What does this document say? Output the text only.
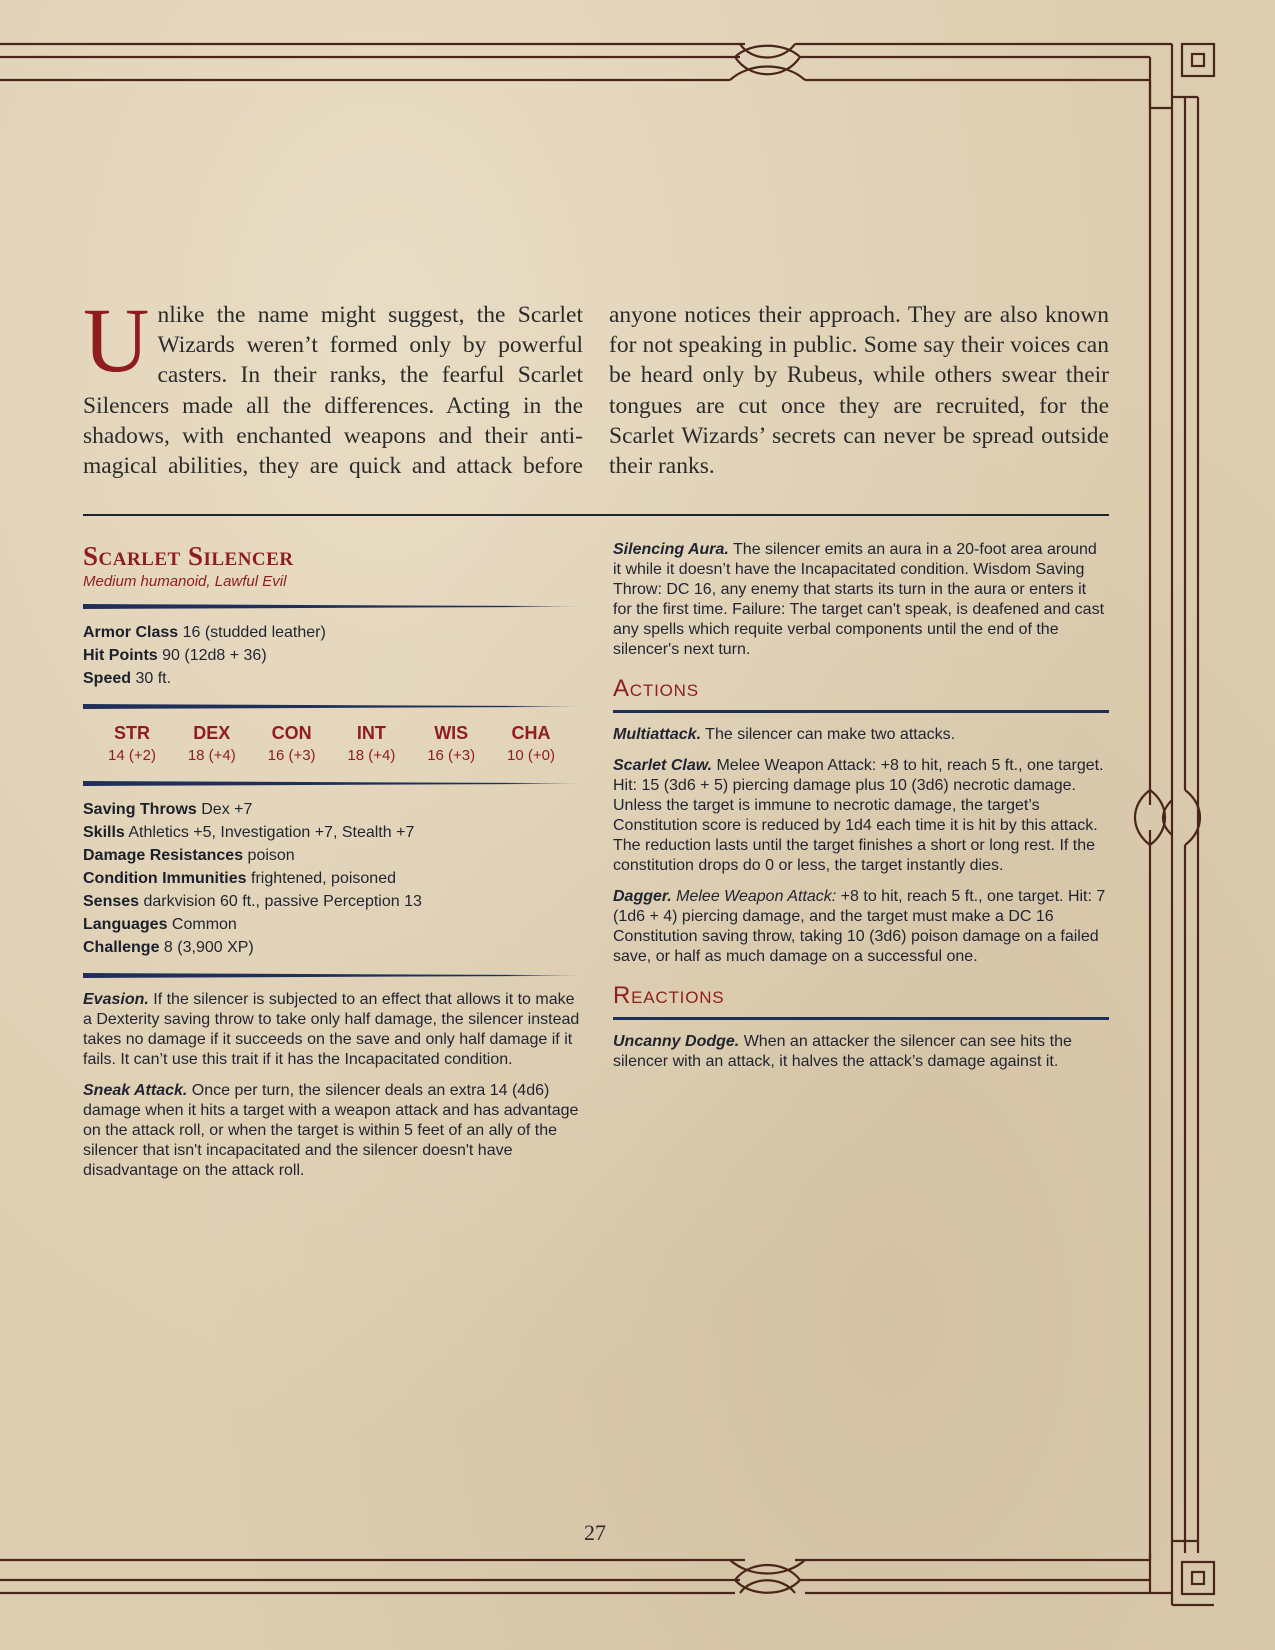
Unlike the name might suggest, the Scarlet Wizards weren’t formed only by powerful casters. In their ranks, the fearful Scarlet Silencers made all the differences. Acting in the shadows, with enchanted weapons and their anti-magical abilities, they are quick and attack before anyone notices their approach. They are also known for not speaking in public. Some say their voices can be heard only by Rubeus, while others swear their tongues are cut once they are recruited, for the Scarlet Wizards’ secrets can never be spread outside their ranks.
Scarlet Silencer
Medium humanoid, Lawful Evil
Armor Class 16 (studded leather)
Hit Points 90 (12d8 + 36)
Speed 30 ft.
STR
14 (+2)
DEX
18 (+4)
CON
16 (+3)
INT
18 (+4)
WIS
16 (+3)
CHA
10 (+0)
Saving Throws Dex +7
Skills Athletics +5, Investigation +7, Stealth +7
Damage Resistances poison
Condition Immunities frightened, poisoned
Senses darkvision 60 ft., passive Perception 13
Languages Common
Challenge 8 (3,900 XP)

Evasion. If the silencer is subjected to an effect that allows it to make a Dexterity saving throw to take only half damage, the silencer instead takes no damage if it succeeds on the save and only half damage if it fails. It can’t use this trait if it has the Incapacitated condition.

Sneak Attack. Once per turn, the silencer deals an extra 14 (4d6) damage when it hits a target with a weapon attack and has advantage on the attack roll, or when the target is within 5 feet of an ally of the silencer that isn't incapacitated and the silencer doesn't have disadvantage on the attack roll.

Silencing Aura. The silencer emits an aura in a 20-foot area around it while it doesn’t have the Incapacitated condition. Wisdom Saving Throw: DC 16, any enemy that starts its turn in the aura or enters it for the first time. Failure: The target can't speak, is deafened and cast any spells which requite verbal components until the end of the silencer's next turn.

Actions

Multiattack. The silencer can make two attacks.

Scarlet Claw. Melee Weapon Attack: +8 to hit, reach 5 ft., one target. Hit: 15 (3d6 + 5) piercing damage plus 10 (3d6) necrotic damage. Unless the target is immune to necrotic damage, the target’s Constitution score is reduced by 1d4 each time it is hit by this attack. The reduction lasts until the target finishes a short or long rest. If the constitution drops do 0 or less, the target instantly dies.

Dagger. Melee Weapon Attack: +8 to hit, reach 5 ft., one target. Hit: 7 (1d6 + 4) piercing damage, and the target must make a DC 16 Constitution saving throw, taking 10 (3d6) poison damage on a failed save, or half as much damage on a successful one.

Reactions

Uncanny Dodge. When an attacker the silencer can see hits the silencer with an attack, it halves the attack’s damage against it.

27
